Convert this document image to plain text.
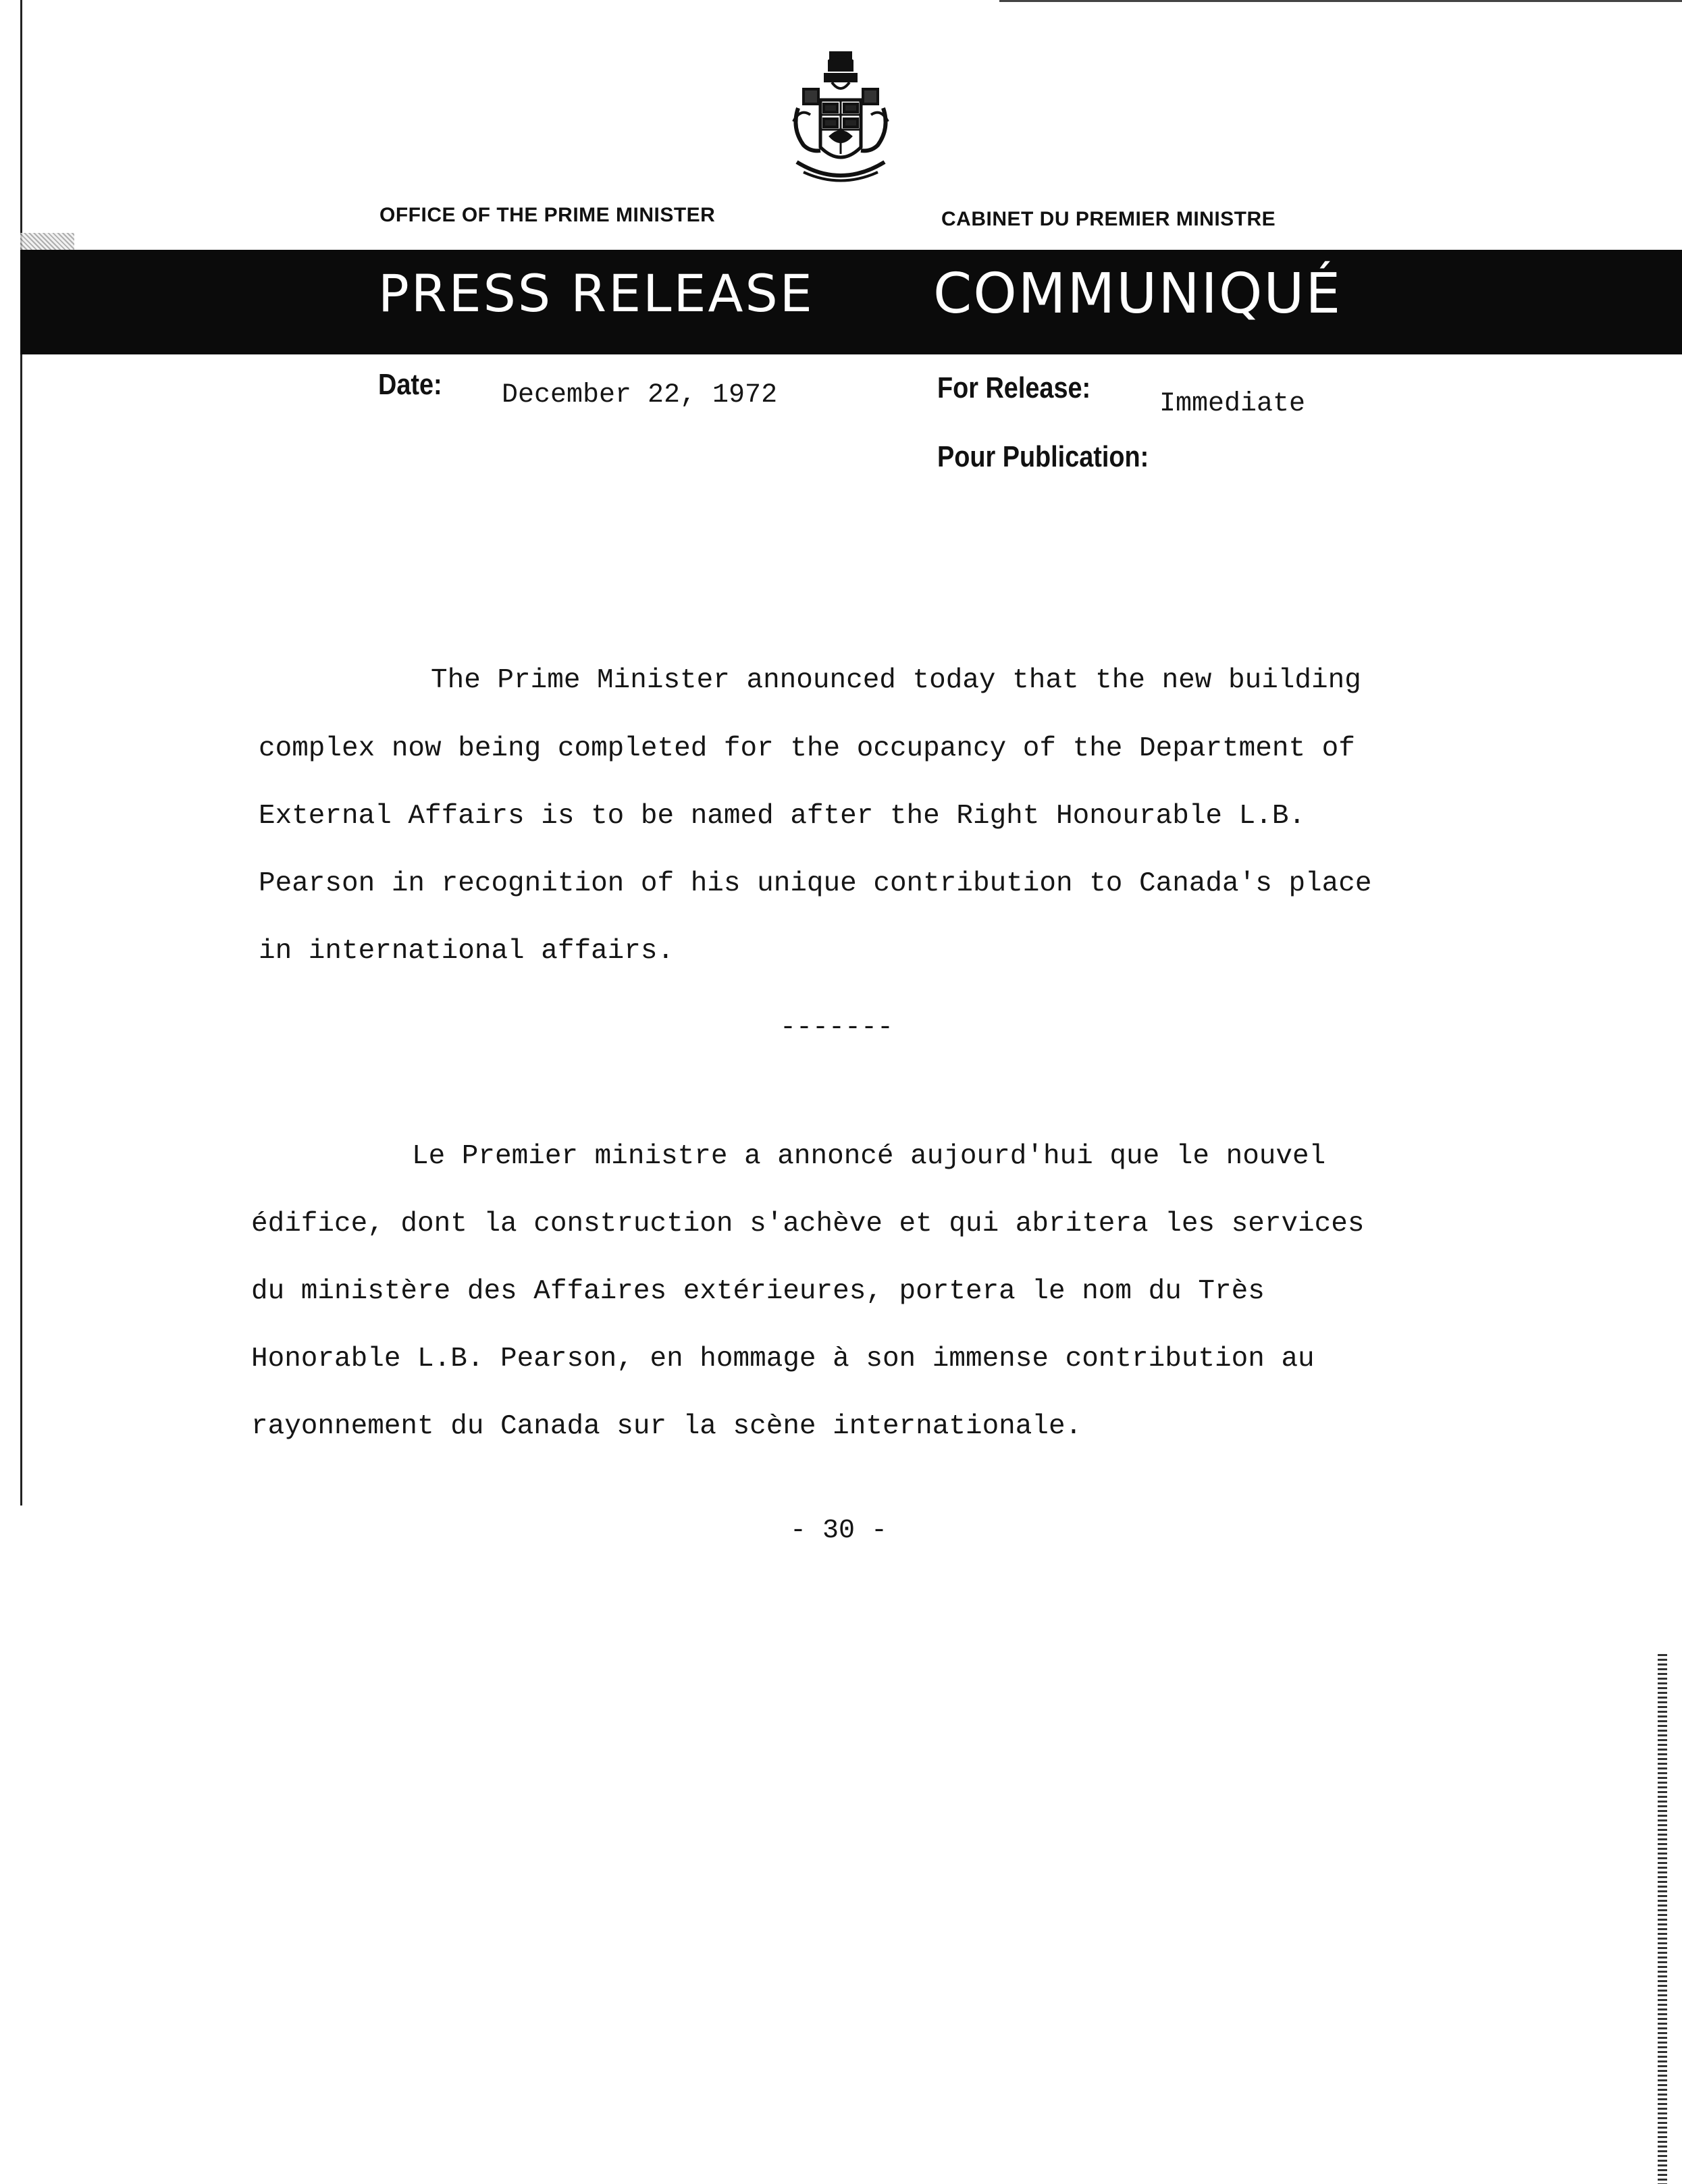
OFFICE OF THE PRIME MINISTER	CABINET DU PREMIER MINISTRE
PRESS RELEASE COMMUNIQUÉ
Date: December 22, 1972	For Release:	Immediate
Pour Publication:

The Prime Minister announced today that the new building

complex now being completed for the occupancy of the Department of

External Affairs is to be named after the Right Honourable L.B.

Pearson in recognition of his unique contribution to Canada's place

in international affairs.

-------

Le Premier ministre a annoncé aujourd'hui que le nouvel

édifice, dont la construction s'achève et qui abritera les services

du ministère des Affaires extérieures, portera le nom du Très

Honorable L.B. Pearson, en hommage à son immense contribution au

rayonnement du Canada sur la scène internationale.

- 30 -
